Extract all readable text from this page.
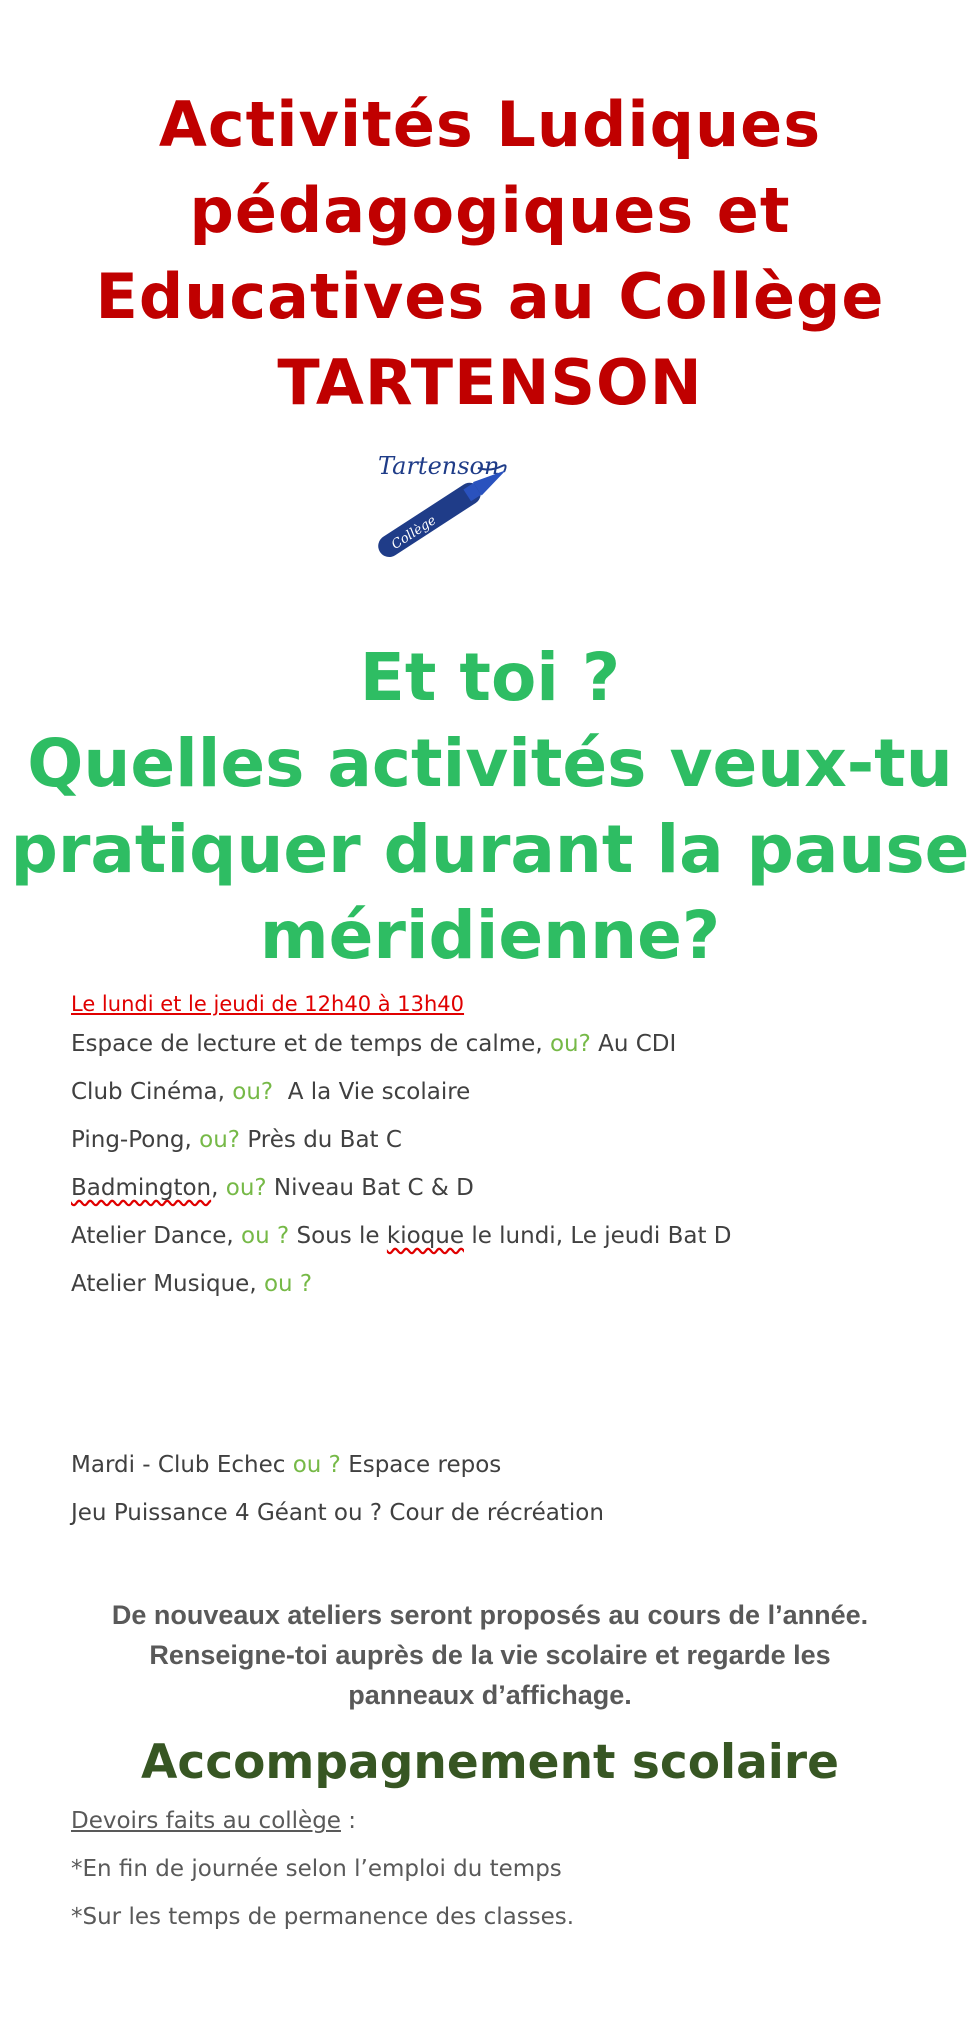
Activités Ludiques
pédagogiques et
Educatives au Collège
TARTENSON
Tartenson
Collège
Et toi ?
Quelles activités veux-tu
pratiquer durant la pause
méridienne?
Le lundi et le jeudi de 12h40 à 13h40
Espace de lecture et de temps de calme, ou? Au CDI
Club Cinéma, ou?  A la Vie scolaire
Ping-Pong, ou? Près du Bat C
Badmington, ou? Niveau Bat C & D
Atelier Dance, ou ? Sous le kioque le lundi, Le jeudi Bat D
Atelier Musique, ou ?
Mardi - Club Echec ou ? Espace repos
Jeu Puissance 4 Géant ou ? Cour de récréation
De nouveaux ateliers seront proposés au cours de l’année.
Renseigne-toi auprès de la vie scolaire et regarde les
panneaux d’affichage.
Accompagnement scolaire
Devoirs faits au collège :
*En fin de journée selon l’emploi du temps
*Sur les temps de permanence des classes.
